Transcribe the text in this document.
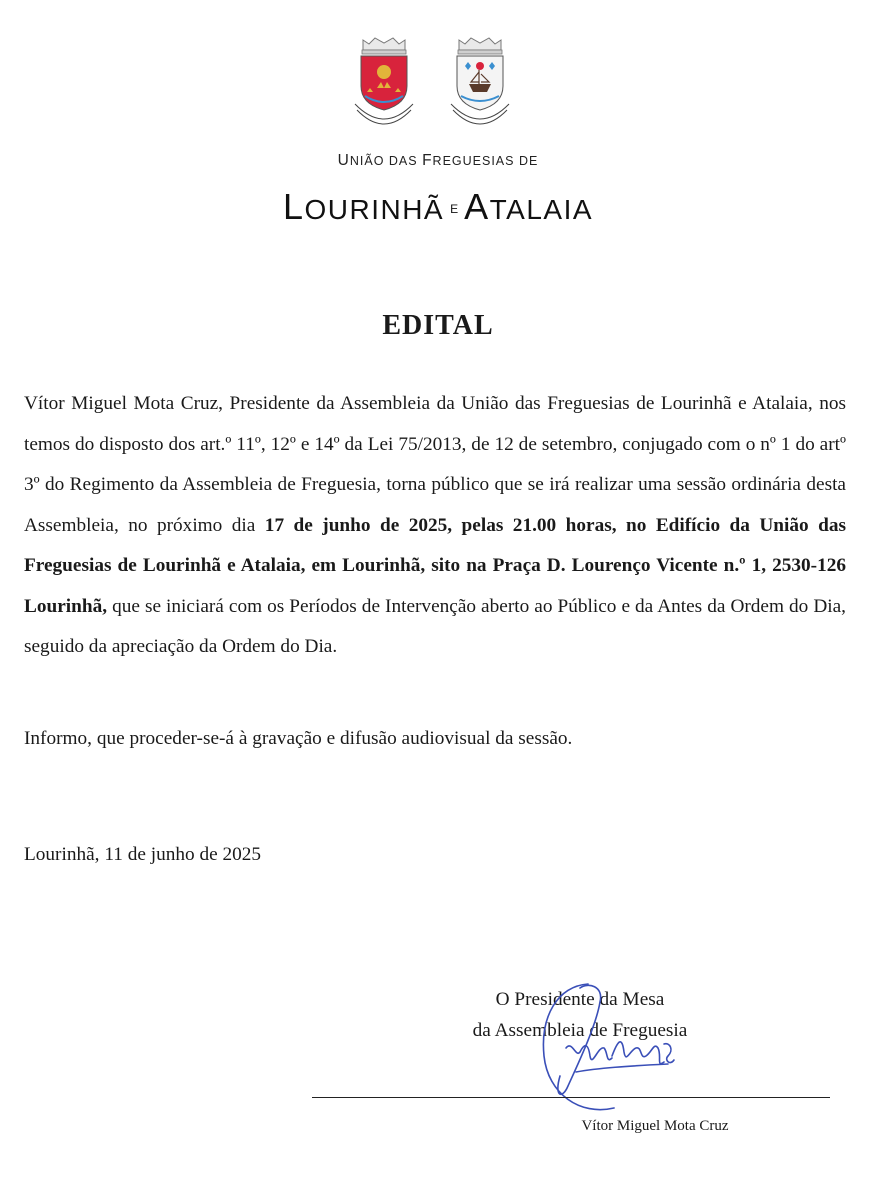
UNIÃO DAS FREGUESIAS DE
LOURINHÃ E ATALAIA
EDITAL

Vítor Miguel Mota Cruz, Presidente da Assembleia da União das Freguesias de Lourinhã e Atalaia, nos temos do disposto dos art.º 11º, 12º e 14º da Lei 75/2013, de 12 de setembro, conjugado com o nº 1 do artº 3º do Regimento da Assembleia de Freguesia, torna público que se irá realizar uma sessão ordinária desta Assembleia, no próximo dia 17 de junho de 2025, pelas 21.00 horas, no Edifício da União das Freguesias de Lourinhã e Atalaia, em Lourinhã, sito na Praça D. Lourenço Vicente n.º 1, 2530-126 Lourinhã, que se iniciará com os Períodos de Intervenção aberto ao Público e da Antes da Ordem do Dia, seguido da apreciação da Ordem do Dia.

Informo, que proceder-se-á à gravação e difusão audiovisual da sessão.
Lourinhã, 11 de junho de 2025
O Presidente da Mesa
da Assembleia de Freguesia
Vítor Miguel Mota Cruz
